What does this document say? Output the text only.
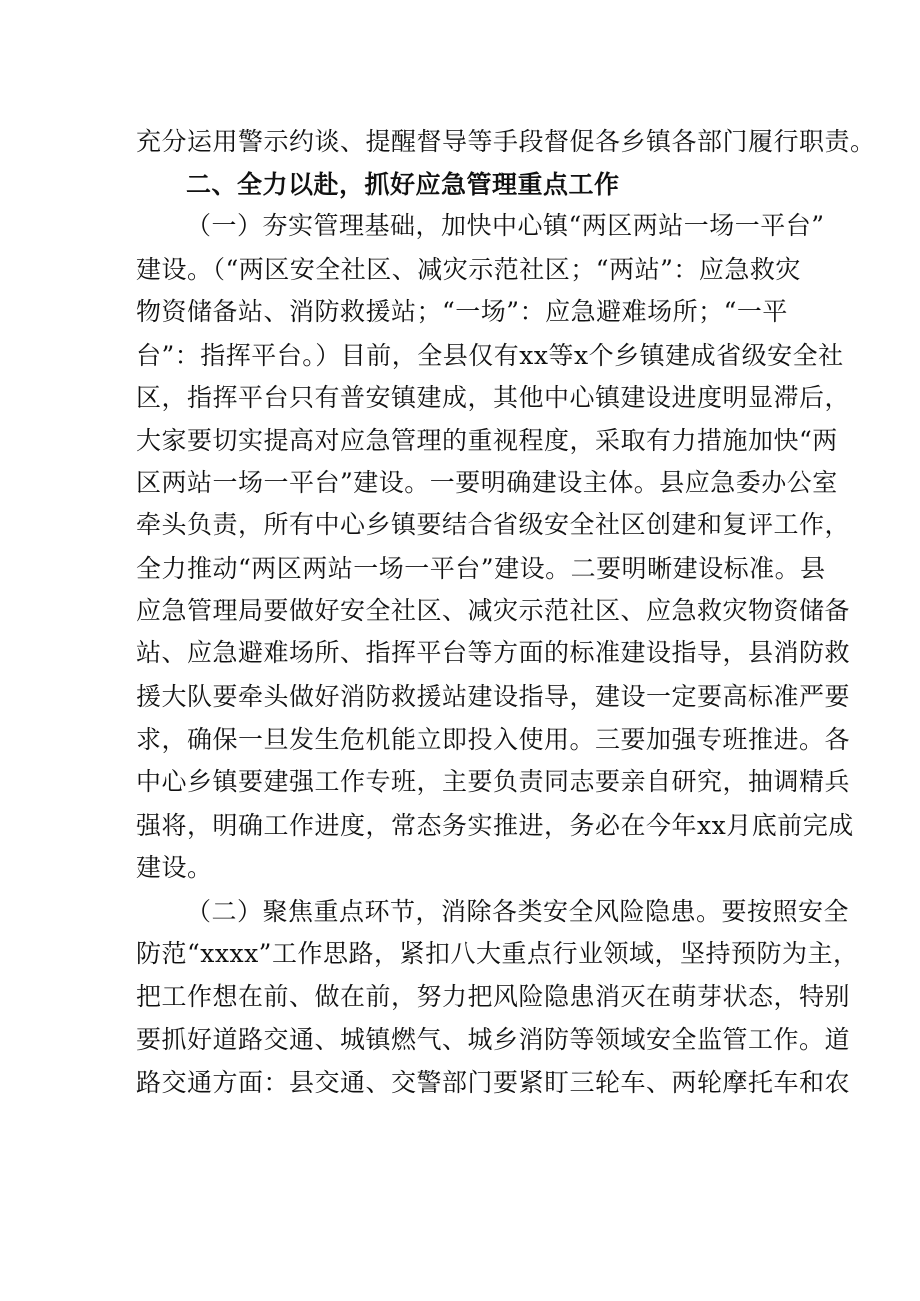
充分运用警示约谈、提醒督导等手段督促各乡镇各部门履行职责。
二、全力以赴，抓好应急管理重点工作
（一）夯实管理基础，加快中心镇“两区两站一场一平台”
建设。（“两区安全社区、减灾示范社区；“两站”：应急救灾
物资储备站、消防救援站；“一场”：应急避难场所；“一平
台”：指挥平台。）目前，全县仅有xx等x个乡镇建成省级安全社
区，指挥平台只有普安镇建成，其他中心镇建设进度明显滞后，
大家要切实提高对应急管理的重视程度，采取有力措施加快“两
区两站一场一平台”建设。一要明确建设主体。县应急委办公室
牵头负责，所有中心乡镇要结合省级安全社区创建和复评工作，
全力推动“两区两站一场一平台”建设。二要明晰建设标准。县
应急管理局要做好安全社区、减灾示范社区、应急救灾物资储备
站、应急避难场所、指挥平台等方面的标准建设指导，县消防救
援大队要牵头做好消防救援站建设指导，建设一定要高标准严要
求，确保一旦发生危机能立即投入使用。三要加强专班推进。各
中心乡镇要建强工作专班，主要负责同志要亲自研究，抽调精兵
强将，明确工作进度，常态务实推进，务必在今年xx月底前完成
建设。
（二）聚焦重点环节，消除各类安全风险隐患。要按照安全
防范“xxxx”工作思路，紧扣八大重点行业领域，坚持预防为主，
把工作想在前、做在前，努力把风险隐患消灭在萌芽状态，特别
要抓好道路交通、城镇燃气、城乡消防等领域安全监管工作。道
路交通方面：县交通、交警部门要紧盯三轮车、两轮摩托车和农
